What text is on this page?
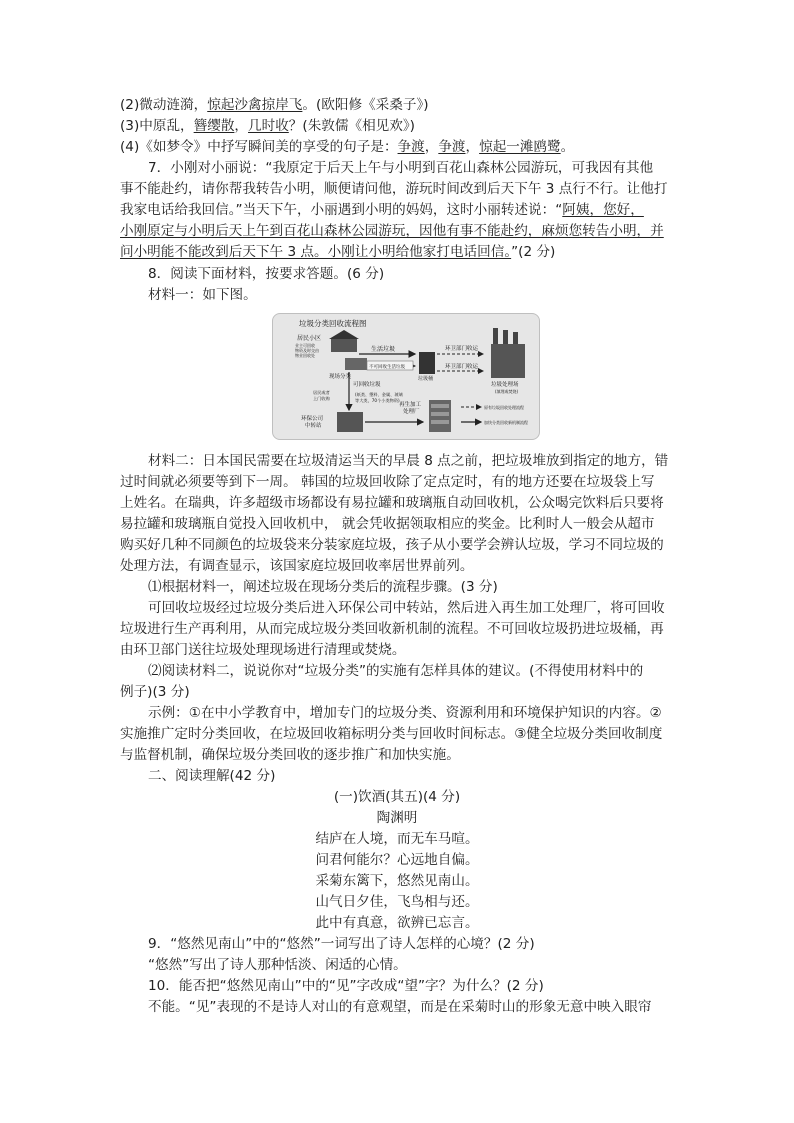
(2)微动涟漪，惊起沙禽掠岸飞。(欧阳修《采桑子》)
(3)中原乱，簪缨散，几时收？(朱敦儒《相见欢》)
(4)《如梦令》中抒写瞬间美的享受的句子是：争渡，争渡，惊起一滩鸥鹭。
7．小刚对小丽说：“我原定于后天上午与小明到百花山森林公园游玩，可我因有其他
事不能赴约，请你帮我转告小明，顺便请问他，游玩时间改到后天下午 3 点行不行。让他打
我家电话给我回信。”当天下午，小丽遇到小明的妈妈，这时小丽转述说：“阿姨，您好，
小刚原定与小明后天上午到百花山森林公园游玩，因他有事不能赴约，麻烦您转告小明，并
问小明能不能改到后天下午 3 点。小刚让小明给他家打电话回信。”(2 分)
8．阅读下面材料，按要求答题。(6 分)
材料一：如下图。
垃圾分类回收流程图
居民小区
业主可回收
物资及时交由
物业回收处
生活垃圾
现场分类
不可回收生活垃圾
垃圾桶
环卫部门收运
环卫部门收运
垃圾处理场
(填埋或焚烧)
可回收垃圾
居民或者
上门收购
(纸类、塑料、金属、玻璃
等大类，70个小类物资)
环保公司
中转站
再生加工
处理厂
原有垃圾回收处理流程
加快分类回收新机制流程
材料二：日本国民需要在垃圾清运当天的早晨 8 点之前，把垃圾堆放到指定的地方，错
过时间就必须要等到下一周。 韩国的垃圾回收除了定点定时，有的地方还要在垃圾袋上写
上姓名。在瑞典，许多超级市场都设有易拉罐和玻璃瓶自动回收机，公众喝完饮料后只要将
易拉罐和玻璃瓶自觉投入回收机中， 就会凭收据领取相应的奖金。比利时人一般会从超市
购买好几种不同颜色的垃圾袋来分装家庭垃圾，孩子从小要学会辨认垃圾，学习不同垃圾的
处理方法，有调查显示，该国家庭垃圾回收率居世界前列。
⑴根据材料一，阐述垃圾在现场分类后的流程步骤。(3 分)
可回收垃圾经过垃圾分类后进入环保公司中转站，然后进入再生加工处理厂，将可回收
垃圾进行生产再利用，从而完成垃圾分类回收新机制的流程。不可回收垃圾扔进垃圾桶，再
由环卫部门送往垃圾处理现场进行清理或焚烧。
⑵阅读材料二，说说你对“垃圾分类”的实施有怎样具体的建议。(不得使用材料中的
例子)(3 分)
示例：①在中小学教育中，增加专门的垃圾分类、资源利用和环境保护知识的内容。②
实施推广定时分类回收，在垃圾回收箱标明分类与回收时间标志。③健全垃圾分类回收制度
与监督机制，确保垃圾分类回收的逐步推广和加快实施。
二、阅读理解(42 分)
(一)饮酒(其五)(4 分)
陶渊明
结庐在人境，而无车马喧。
问君何能尔？心远地自偏。
采菊东篱下，悠然见南山。
山气日夕佳，飞鸟相与还。
此中有真意，欲辨已忘言。
9．“悠然见南山”中的“悠然”一词写出了诗人怎样的心境？(2 分)
“悠然”写出了诗人那种恬淡、闲适的心情。
10．能否把“悠然见南山”中的“见”字改成“望”字？为什么？(2 分)
不能。“见”表现的不是诗人对山的有意观望，而是在采菊时山的形象无意中映入眼帘
